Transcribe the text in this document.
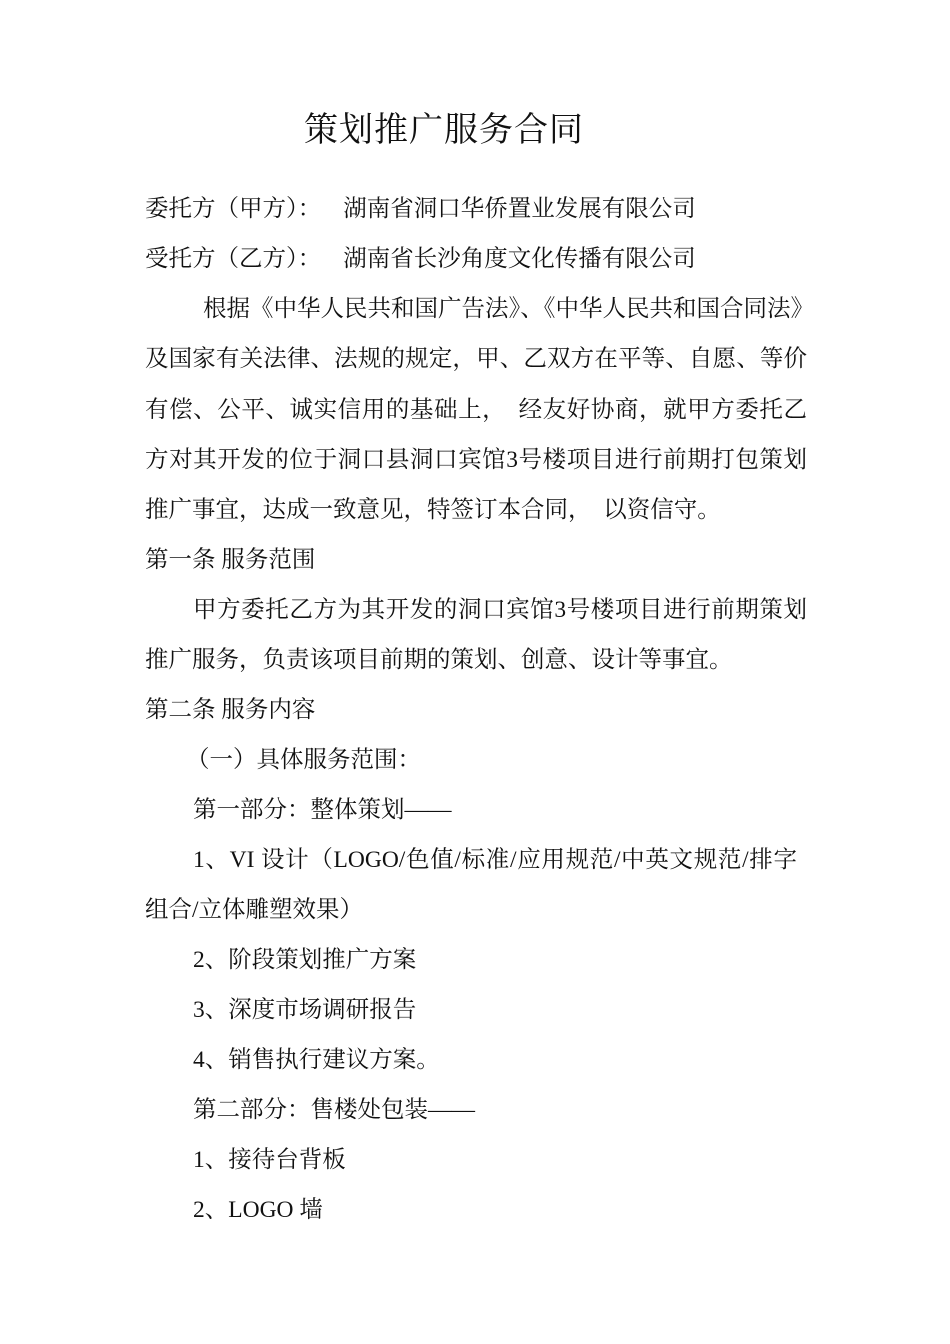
策划推广服务合同
委托方（甲方）： 湖南省洞口华侨置业发展有限公司
受托方（乙方）： 湖南省长沙角度文化传播有限公司
根据《中华人民共和国广告法》、《中华人民共和国合同法》
及国家有关法律、法规的规定，甲、乙双方在平等、自愿、等价
有偿、公平、诚实信用的基础上，　经友好协商，就甲方委托乙
方对其开发的位于洞口县洞口宾馆3号楼项目进行前期打包策划
推广事宜，达成一致意见，特签订本合同，　以资信守。
第一条 服务范围
甲方委托乙方为其开发的洞口宾馆3号楼项目进行前期策划
推广服务，负责该项目前期的策划、创意、设计等事宜。
第二条 服务内容
（一）具体服务范围：
第一部分：整体策划——
1、VI 设计（LOGO/色值/标准/应用规范/中英文规范/排字
组合/立体雕塑效果）
2、阶段策划推广方案
3、深度市场调研报告
4、销售执行建议方案。
第二部分：售楼处包装——
1、接待台背板
2、LOGO 墙
